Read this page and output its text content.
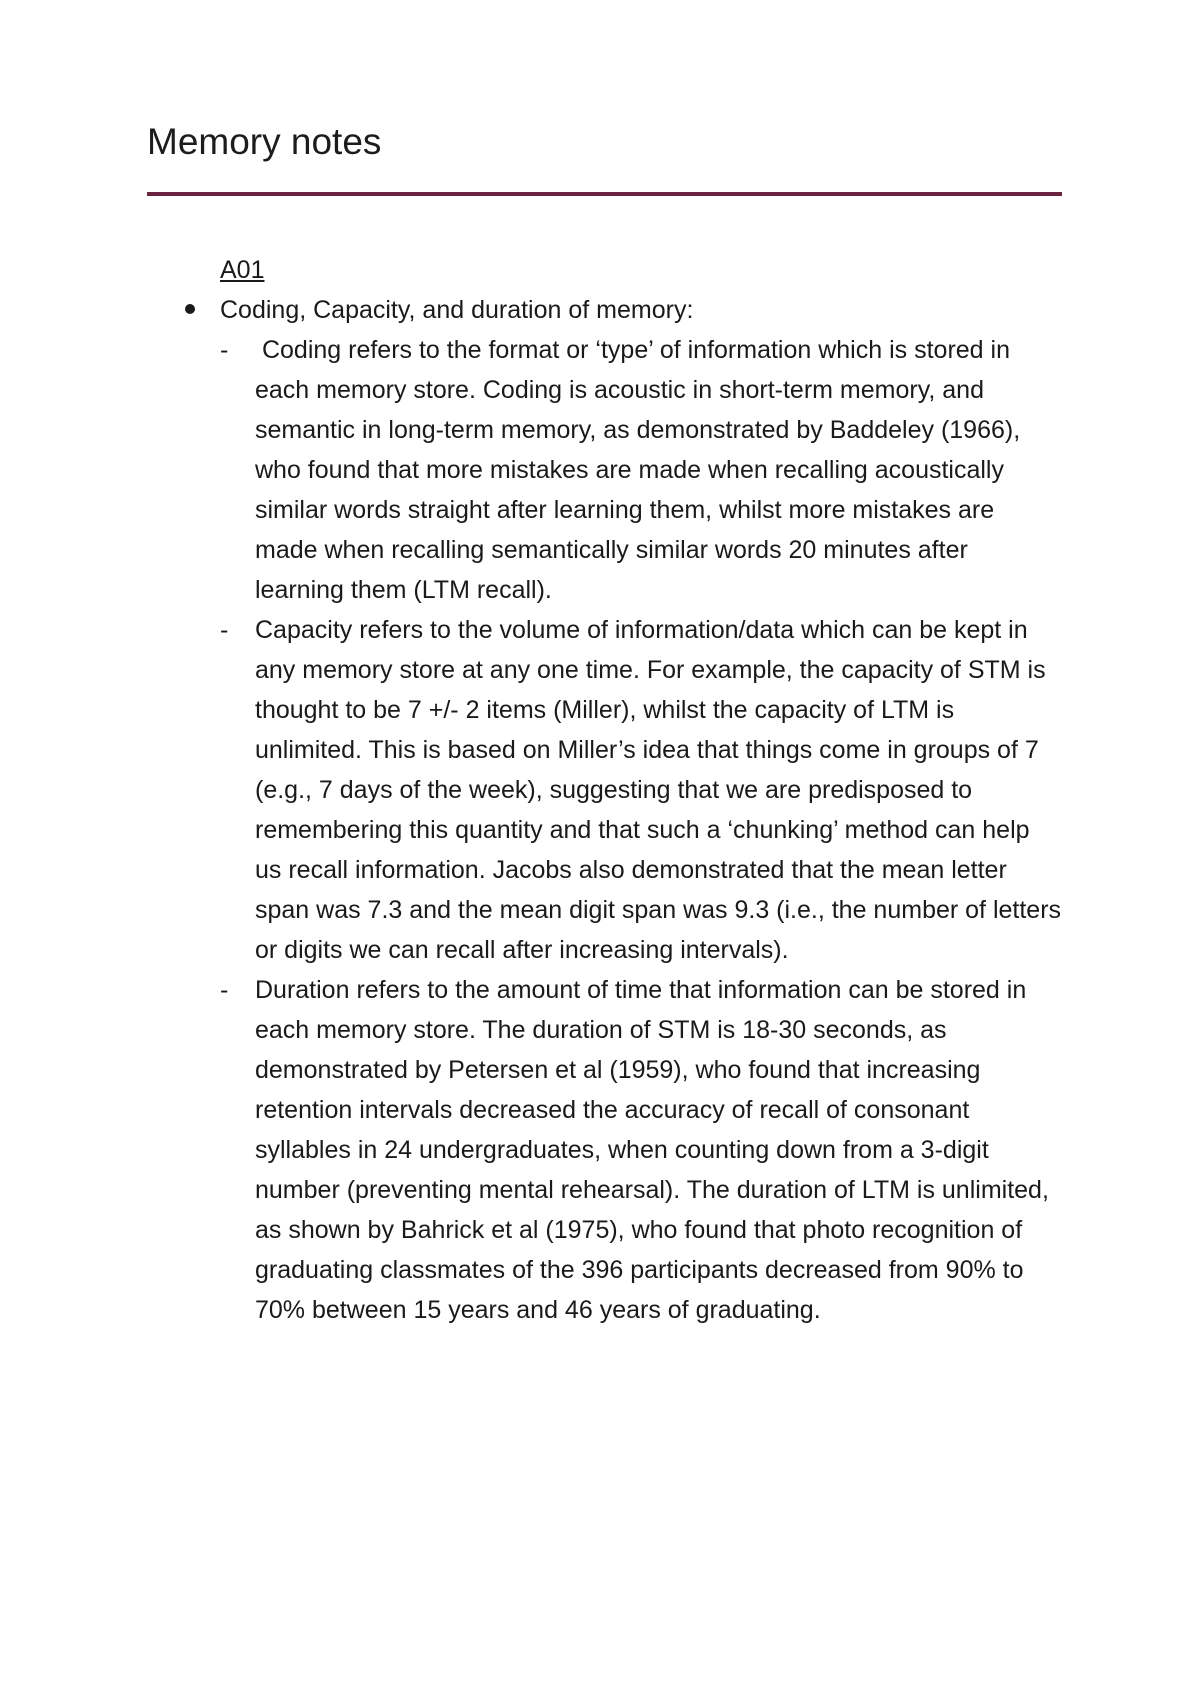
Memory notes
A01
Coding, Capacity, and duration of memory:
- Coding refers to the format or ‘type’ of information which is stored in each memory store. Coding is acoustic in short-term memory, and semantic in long-term memory, as demonstrated by Baddeley (1966), who found that more mistakes are made when recalling acoustically similar words straight after learning them, whilst more mistakes are made when recalling semantically similar words 20 minutes after learning them (LTM recall).
- Capacity refers to the volume of information/data which can be kept in any memory store at any one time. For example, the capacity of STM is thought to be 7 +/- 2 items (Miller), whilst the capacity of LTM is unlimited. This is based on Miller’s idea that things come in groups of 7 (e.g., 7 days of the week), suggesting that we are predisposed to remembering this quantity and that such a ‘chunking’ method can help us recall information. Jacobs also demonstrated that the mean letter span was 7.3 and the mean digit span was 9.3 (i.e., the number of letters or digits we can recall after increasing intervals).
- Duration refers to the amount of time that information can be stored in each memory store. The duration of STM is 18-30 seconds, as demonstrated by Petersen et al (1959), who found that increasing retention intervals decreased the accuracy of recall of consonant syllables in 24 undergraduates, when counting down from a 3-digit number (preventing mental rehearsal). The duration of LTM is unlimited, as shown by Bahrick et al (1975), who found that photo recognition of graduating classmates of the 396 participants decreased from 90% to 70% between 15 years and 46 years of graduating.
